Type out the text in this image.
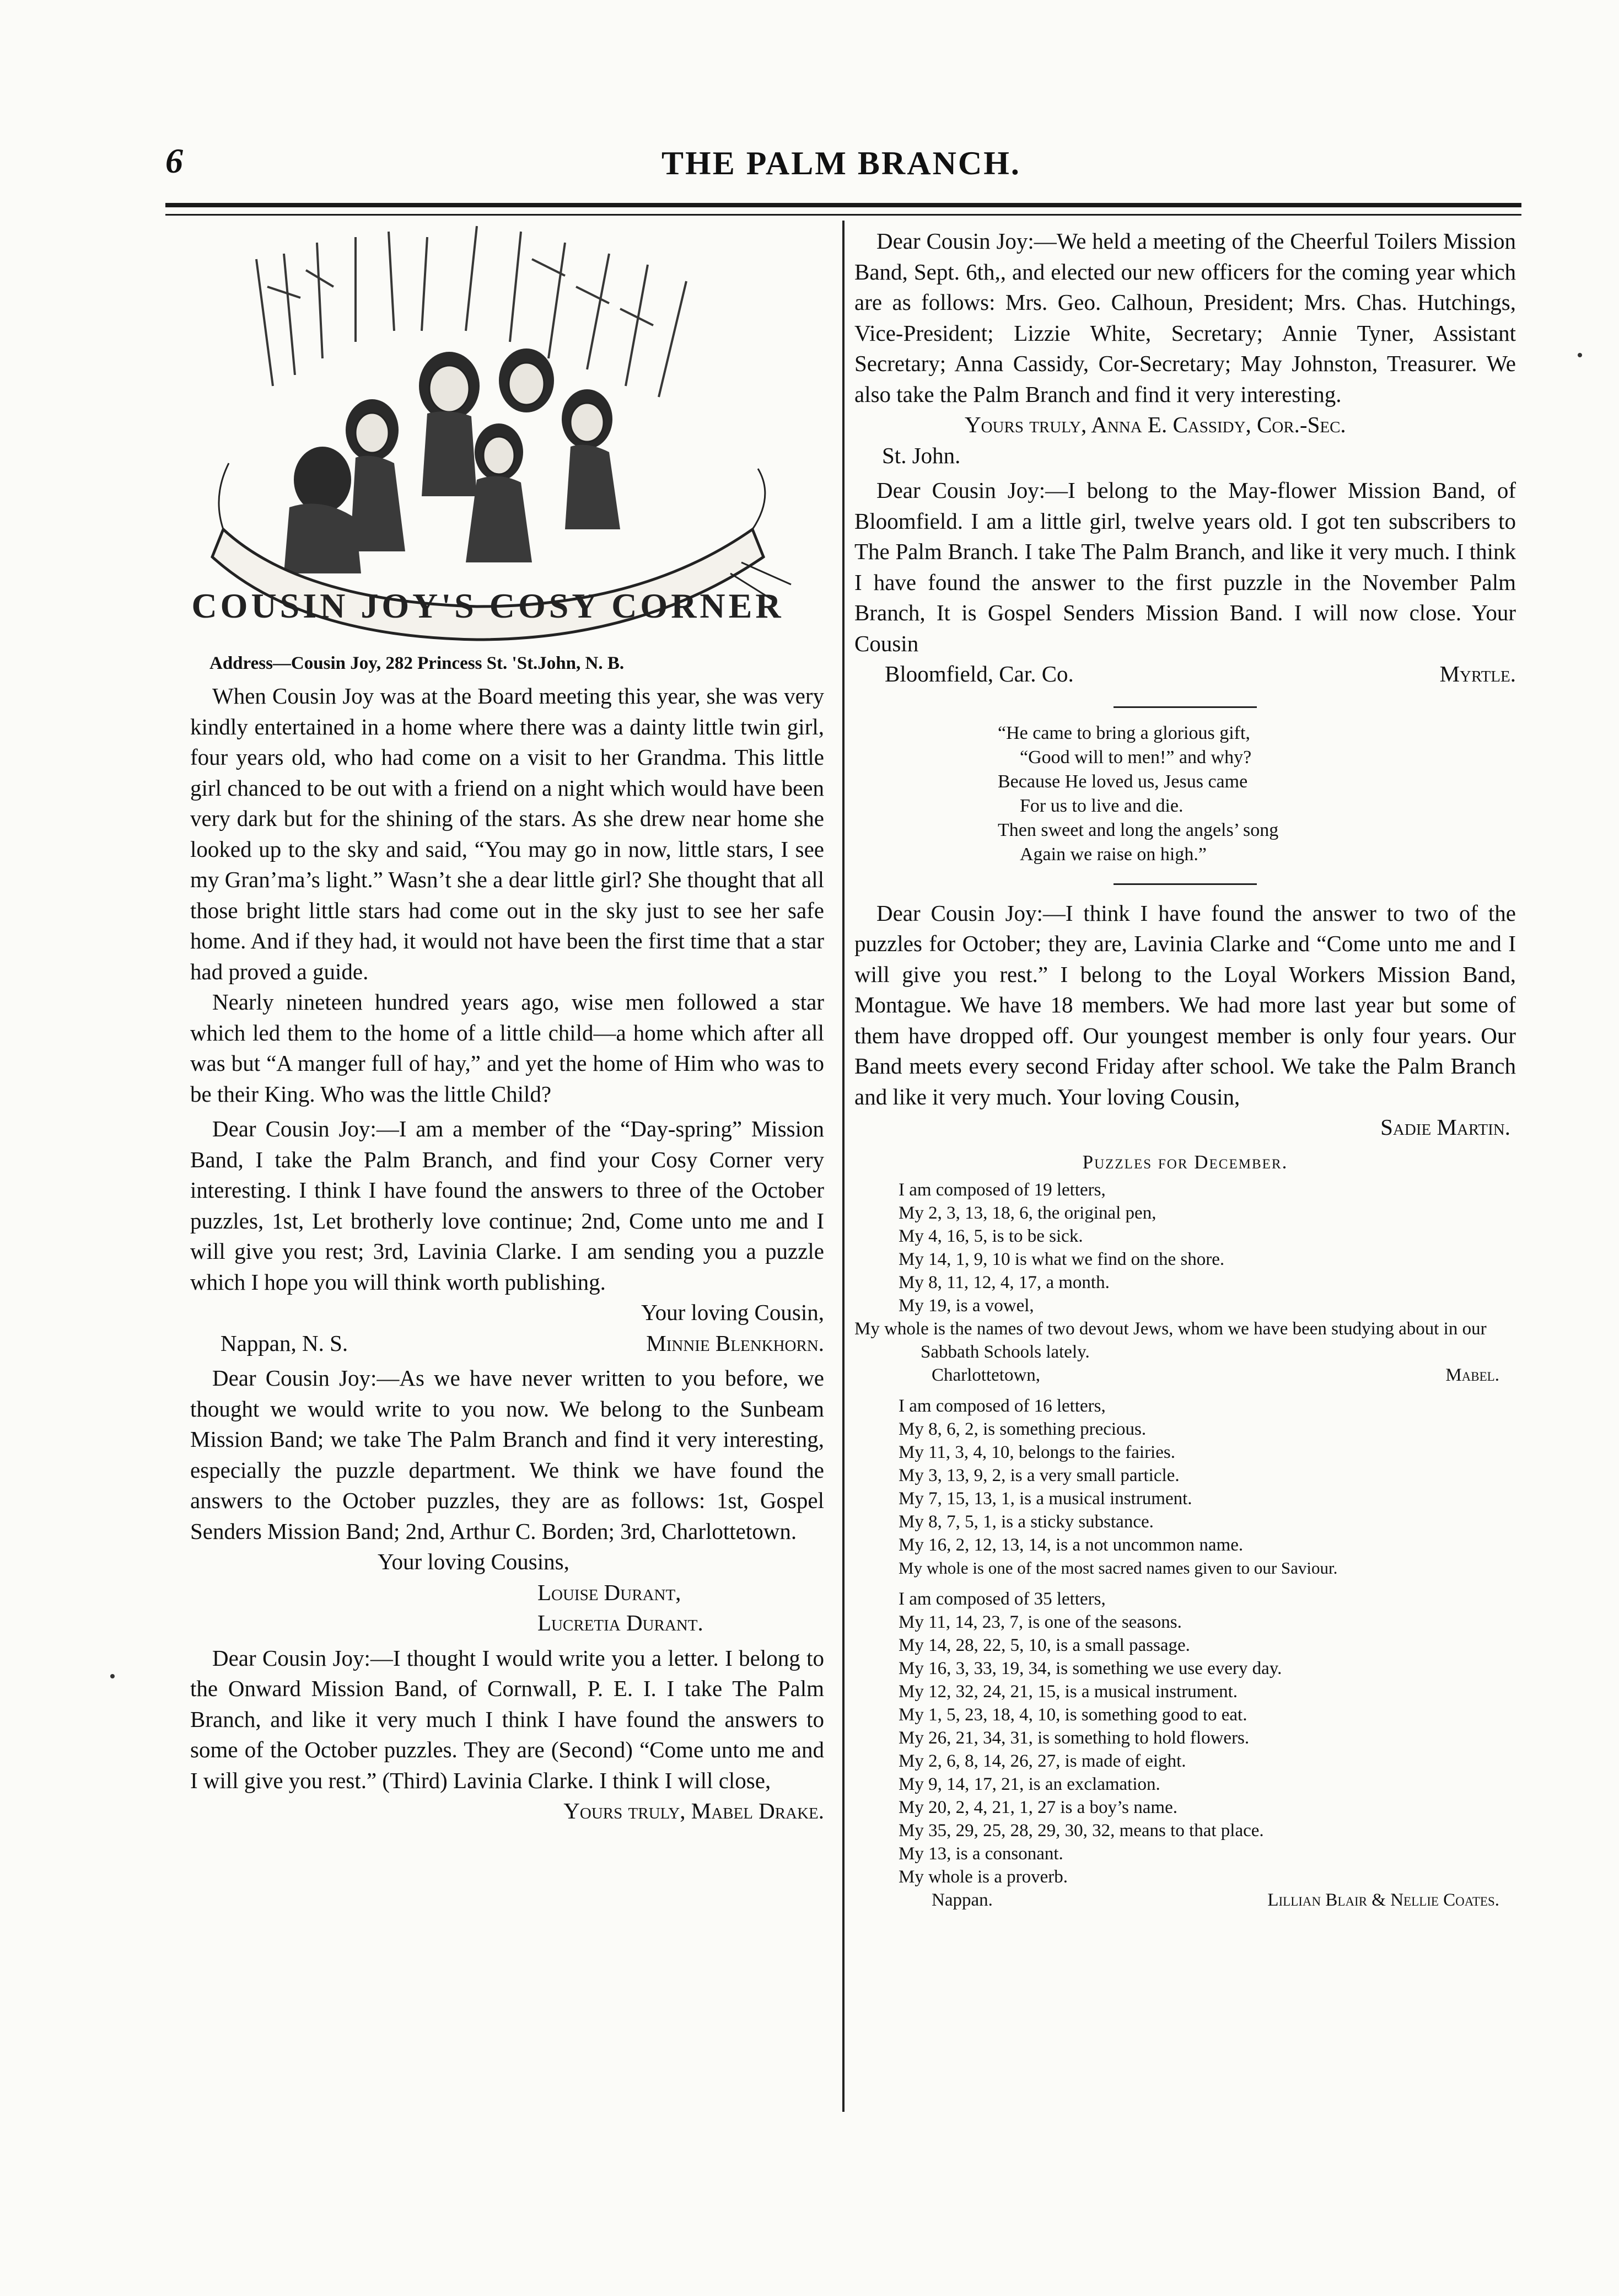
6	THE PALM BRANCH.
COUSIN JOY'S COSY CORNER
Address—Cousin Joy, 282 Princess St. 'St.John, N. B.

When Cousin Joy was at the Board meeting this year, she was very kindly entertained in a home where there was a dainty little twin girl, four years old, who had come on a visit to her Grandma. This little girl chanced to be out with a friend on a night which would have been very dark but for the shining of the stars. As she drew near home she looked up to the sky and said, “You may go in now, little stars, I see my Gran’ma’s light.” Wasn’t she a dear little girl? She thought that all those bright little stars had come out in the sky just to see her safe home. And if they had, it would not have been the first time that a star had proved a guide.

Nearly nineteen hundred years ago, wise men followed a star which led them to the home of a little child—a home which after all was but “A manger full of hay,” and yet the home of Him who was to be their King. Who was the little Child?

Dear Cousin Joy:—I am a member of the “Day-spring” Mission Band, I take the Palm Branch, and find your Cosy Corner very interesting. I think I have found the answers to three of the October puzzles, 1st, Let brotherly love continue; 2nd, Come unto me and I will give you rest; 3rd, Lavinia Clarke. I am sending you a puzzle which I hope you will think worth publishing.

Your loving Cousin,
Nappan, N. S.	Minnie Blenkhorn.

Dear Cousin Joy:—As we have never written to you before, we thought we would write to you now. We belong to the Sunbeam Mission Band; we take The Palm Branch and find it very interesting, especially the puzzle department. We think we have found the answers to the October puzzles, they are as follows: 1st, Gospel Senders Mission Band; 2nd, Arthur C. Borden; 3rd, Charlottetown.

Your loving Cousins,
Louise Durant,
Lucretia Durant.

Dear Cousin Joy:—I thought I would write you a letter. I belong to the Onward Mission Band, of Cornwall, P. E. I. I take The Palm Branch, and like it very much I think I have found the answers to some of the October puzzles. They are (Second) “Come unto me and I will give you rest.” (Third) Lavinia Clarke. I think I will close,

Yours truly, Mabel Drake.

Dear Cousin Joy:—We held a meeting of the Cheerful Toilers Mission Band, Sept. 6th,, and elected our new officers for the coming year which are as follows: Mrs. Geo. Calhoun, President; Mrs. Chas. Hutchings, Vice-President; Lizzie White, Secretary; Annie Tyner, Assistant Secretary; Anna Cassidy, Cor-Secretary; May Johnston, Treasurer. We also take the Palm Branch and find it very interesting.

Yours truly, Anna E. Cassidy, Cor.-Sec.
St. John.

Dear Cousin Joy:—I belong to the May-flower Mission Band, of Bloomfield. I am a little girl, twelve years old. I got ten subscribers to The Palm Branch. I take The Palm Branch, and like it very much. I think I have found the answer to the first puzzle in the November Palm Branch, It is Gospel Senders Mission Band. I will now close. Your Cousin

Bloomfield, Car. Co.	Myrtle.
“He came to bring a glorious gift,
“Good will to men!” and why?
Because He loved us, Jesus came
For us to live and die.
Then sweet and long the angels’ song
Again we raise on high.”

Dear Cousin Joy:—I think I have found the answer to two of the puzzles for October; they are, Lavinia Clarke and “Come unto me and I will give you rest.” I belong to the Loyal Workers Mission Band, Montague. We have 18 members. We had more last year but some of them have dropped off. Our youngest member is only four years. Our Band meets every second Friday after school. We take the Palm Branch and like it very much. Your loving Cousin,

Sadie Martin.
Puzzles for December.
I am composed of 19 letters,
My 2, 3, 13, 18, 6, the original pen,
My 4, 16, 5, is to be sick.
My 14, 1, 9, 10 is what we find on the shore.
My 8, 11, 12, 4, 17, a month.
My 19, is a vowel,
My whole is the names of two devout Jews, whom we have been studying about in our Sabbath Schools lately.
Charlottetown,	Mabel.
I am composed of 16 letters,
My 8, 6, 2, is something precious.
My 11, 3, 4, 10, belongs to the fairies.
My 3, 13, 9, 2, is a very small particle.
My 7, 15, 13, 1, is a musical instrument.
My 8, 7, 5, 1, is a sticky substance.
My 16, 2, 12, 13, 14, is a not uncommon name.
My whole is one of the most sacred names given to our Saviour.
I am composed of 35 letters,
My 11, 14, 23, 7, is one of the seasons.
My 14, 28, 22, 5, 10, is a small passage.
My 16, 3, 33, 19, 34, is something we use every day.
My 12, 32, 24, 21, 15, is a musical instrument.
My 1, 5, 23, 18, 4, 10, is something good to eat.
My 26, 21, 34, 31, is something to hold flowers.
My 2, 6, 8, 14, 26, 27, is made of eight.
My 9, 14, 17, 21, is an exclamation.
My 20, 2, 4, 21, 1, 27 is a boy’s name.
My 35, 29, 25, 28, 29, 30, 32, means to that place.
My 13, is a consonant.
My whole is a proverb.
Nappan.	Lillian Blair & Nellie Coates.
